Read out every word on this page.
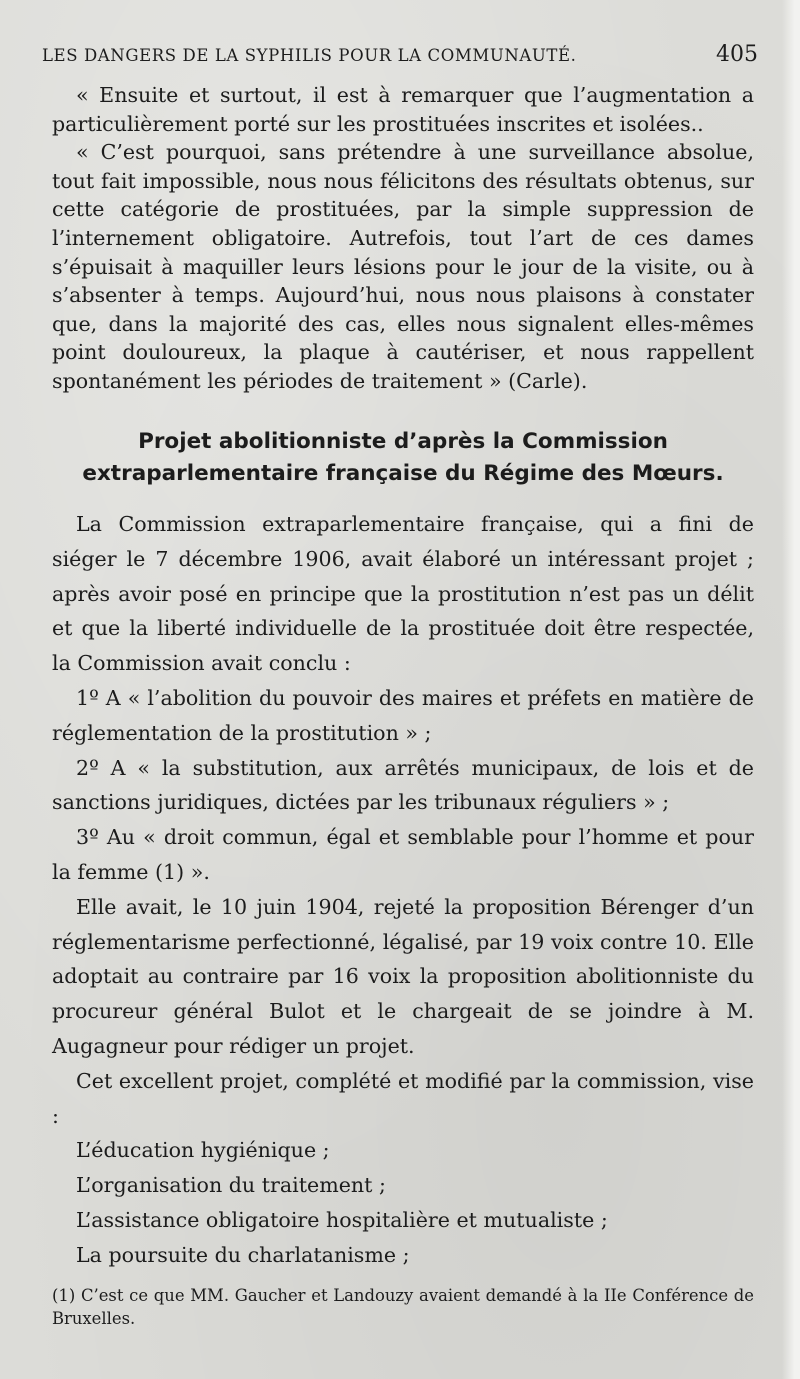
LES DANGERS DE LA SYPHILIS POUR LA COMMUNAUTÉ.	405

« Ensuite et surtout, il est à remarquer que l’augmentation a particulièrement porté sur les prostituées inscrites et isolées..

« C’est pourquoi, sans prétendre à une surveillance absolue, tout fait impossible, nous nous félicitons des résultats obtenus, sur cette catégorie de prostituées, par la simple suppression de l’internement obligatoire. Autrefois, tout l’art de ces dames s’épuisait à maquiller leurs lésions pour le jour de la visite, ou à s’absenter à temps. Aujourd’hui, nous nous plaisons à constater que, dans la majorité des cas, elles nous signalent elles-mêmes point douloureux, la plaque à cautériser, et nous rappellent spontanément les périodes de traitement » (Carle).

Projet abolitionniste d’après la Commission
extraparlementaire française du Régime des Mœurs.

La Commission extraparlementaire française, qui a fini de siéger le 7 décembre 1906, avait élaboré un intéressant projet ; après avoir posé en principe que la prostitution n’est pas un délit et que la liberté individuelle de la prostituée doit être respectée, la Commission avait conclu :

1º A « l’abolition du pouvoir des maires et préfets en matière de réglementation de la prostitution » ;

2º A « la substitution, aux arrêtés municipaux, de lois et de sanctions juridiques, dictées par les tribunaux réguliers » ;

3º Au « droit commun, égal et semblable pour l’homme et pour la femme (1) ».

Elle avait, le 10 juin 1904, rejeté la proposition Bérenger d’un réglementarisme perfectionné, légalisé, par 19 voix contre 10. Elle adoptait au contraire par 16 voix la proposition abolitionniste du procureur général Bulot et le chargeait de se joindre à M. Augagneur pour rédiger un projet.

Cet excellent projet, complété et modifié par la commission, vise :

L’éducation hygiénique ;

L’organisation du traitement ;

L’assistance obligatoire hospitalière et mutualiste ;

La poursuite du charlatanisme ;

(1) C’est ce que MM. Gaucher et Landouzy avaient demandé à la IIe Conférence de Bruxelles.
